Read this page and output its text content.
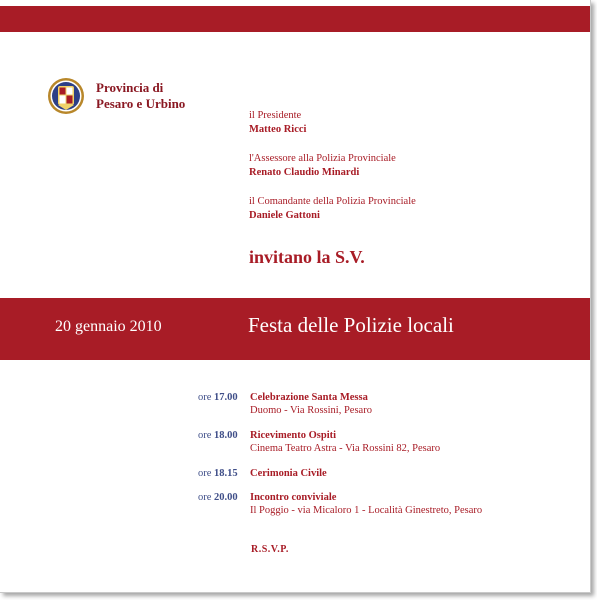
Provincia di
Pesaro e Urbino
il Presidente
Matteo Ricci
l'Assessore alla Polizia Provinciale
Renato Claudio Minardi
il Comandante della Polizia Provinciale
Daniele Gattoni
invitano la S.V.
20 gennaio 2010	Festa delle Polizie locali
ore 17.00 Celebrazione Santa Messa
Duomo - Via Rossini, Pesaro
ore 18.00 Ricevimento Ospiti
Cinema Teatro Astra - Via Rossini 82, Pesaro
ore 18.15 Cerimonia Civile
ore 20.00 Incontro conviviale
Il Poggio - via Micaloro 1 - Località Ginestreto, Pesaro
R.S.V.P.
